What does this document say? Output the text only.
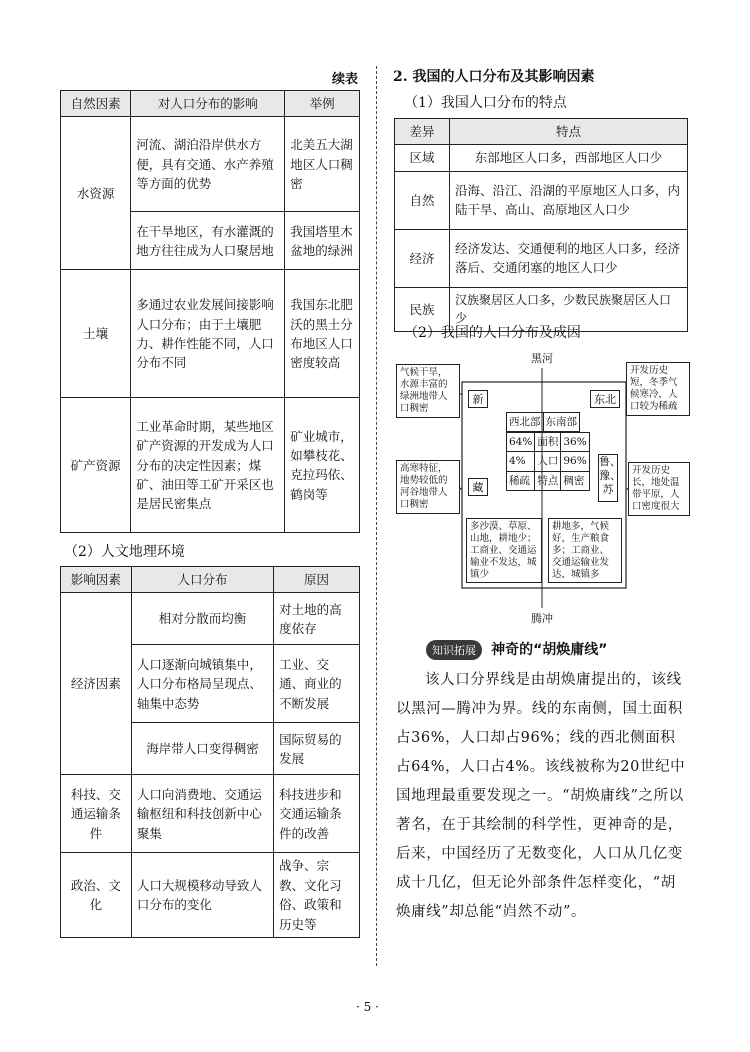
续表
自然因素	对人口分布的影响	举例
水资源	河流、湖泊沿岸供水方便，具有交通、水产养殖等方面的优势	北美五大湖地区人口稠密
	在干旱地区，有水灌溉的地方往往成为人口聚居地	我国塔里木盆地的绿洲
土壤	多通过农业发展间接影响人口分布；由于土壤肥力、耕作性能不同，人口分布不同	我国东北肥沃的黑土分布地区人口密度较高
矿产资源	工业革命时期，某些地区矿产资源的开发成为人口分布的决定性因素；煤矿、油田等工矿开采区也是居民密集点	矿业城市，如攀枝花、克拉玛依、鹤岗等
（2）人文地理环境
影响因素	人口分布	原因
经济因素	相对分散而均衡	对土地的高度依存
	人口逐渐向城镇集中，人口分布格局呈现点、轴集中态势	工业、交通、商业的不断发展
	海岸带人口变得稠密	国际贸易的发展
科技、交通运输条件	人口向消费地、交通运输枢纽和科技创新中心聚集	科技进步和交通运输条件的改善
政治、文化	人口大规模移动导致人口分布的变化	战争、宗教、文化习俗、政策和历史等
2. 我国的人口分布及其影响因素
（1）我国人口分布的特点
差异	特点
区域	东部地区人口多，西部地区人口少
自然	沿海、沿江、沿湖的平原地区人口多，内陆干旱、高山、高原地区人口少
经济	经济发达、交通便利的地区人口多，经济落后、交通闭塞的地区人口少
民族	汉族聚居区人口多，少数民族聚居区人口少
（2）我国的人口分布及成因
黑河
腾冲
气候干旱，水源丰富的绿洲地带人口稠密
开发历史短，冬季气候寒冷，人口较为稀疏
高寒特征，地势较低的河谷地带人口稠密
开发历史长，地处温带平原，人口密度很大
新	东北
藏
鲁、豫、苏
西北部	东南部
64%	面积	36%
4%	人口	96%
稀疏	特点	稠密
多沙漠、草原、山地，耕地少；工商业、交通运输业不发达，城镇少
耕地多，气候好，生产粮食多；工商业、交通运输业发达，城镇多
知识拓展 神奇的“胡焕庸线”
该人口分界线是由胡焕庸提出的，该线以黑河—腾冲为界。线的东南侧，国土面积占36%，人口却占96%；线的西北侧面积占64%，人口占4%。该线被称为20世纪中国地理最重要发现之一。“胡焕庸线”之所以著名，在于其绘制的科学性，更神奇的是，后来，中国经历了无数变化，人口从几亿变成十几亿，但无论外部条件怎样变化，“胡焕庸线”却总能“岿然不动”。
· 5 ·
